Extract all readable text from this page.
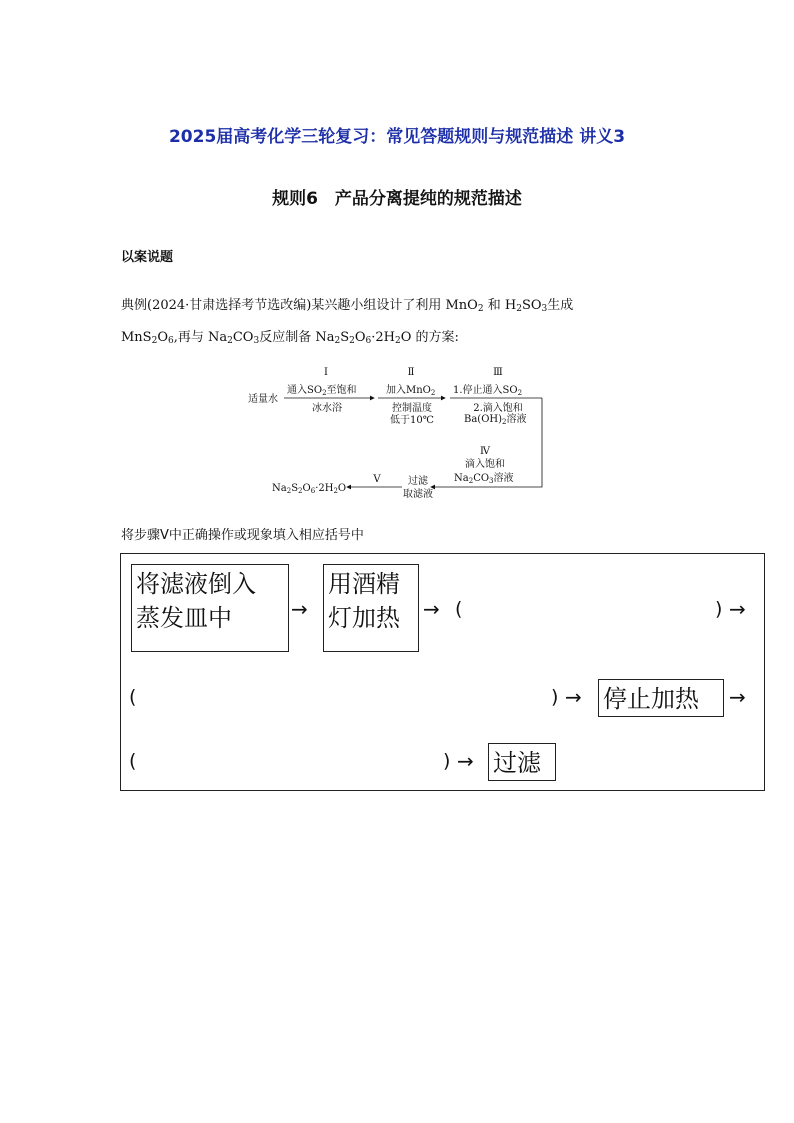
2025届高考化学三轮复习：常见答题规则与规范描述 讲义3
规则6　产品分离提纯的规范描述
以案说题
典例(2024·甘肃选择考节选改编)某兴趣小组设计了利用 MnO$_2$ 和 $H_2SO_3$生成
$MnS_2O_6$,再与 $Na_2CO_3$反应制备 $Na_2S_2O_6\cdot 2H_2O$ 的方案:
Ⅰ	Ⅱ	Ⅲ
适量水
通入$SO_2$至饱和
冰水浴
加入MnO$_2$
控制温度
低于10℃
1.停止通入$SO_2$
2.滴入饱和
$Ba(OH)_2$溶液
Ⅳ
滴入饱和
$Na_2CO_3$溶液
过滤
取滤液
Ⅴ
$Na_2S_2O_6\cdot 2H_2O$
将步骤Ⅴ中正确操作或现象填入相应括号中
将滤液倒入
蒸发皿中	→
用酒精
灯加热	→ (	) →
(	) → 停止加热	→
(	) → 过滤
